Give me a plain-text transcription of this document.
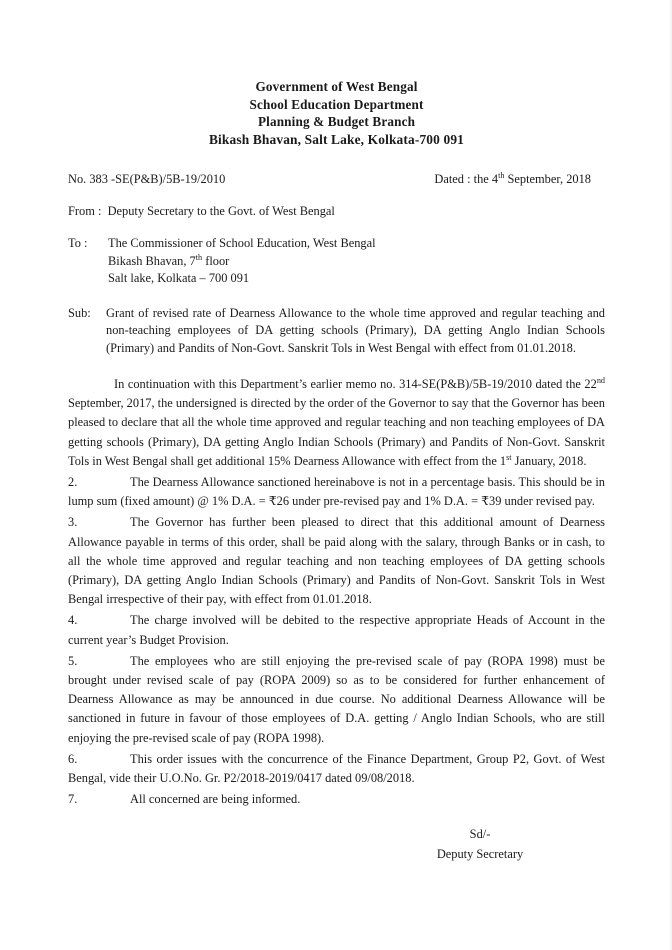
Government of West Bengal
School Education Department
Planning & Budget Branch
Bikash Bhavan, Salt Lake, Kolkata-700 091
No. 383 -SE(P&B)/5B-19/2010	Dated : the 4th September, 2018
From : Deputy Secretary to the Govt. of West Bengal
To :	The Commissioner of School Education, West Bengal
Bikash Bhavan, 7th floor
Salt lake, Kolkata – 700 091
Sub:	Grant of revised rate of Dearness Allowance to the whole time approved and regular teaching and non-teaching employees of DA getting schools (Primary), DA getting Anglo Indian Schools (Primary) and Pandits of Non-Govt. Sanskrit Tols in West Bengal with effect from 01.01.2018.
In continuation with this Department’s earlier memo no. 314-SE(P&B)/5B-19/2010 dated the 22nd September, 2017, the undersigned is directed by the order of the Governor to say that the Governor has been pleased to declare that all the whole time approved and regular teaching and non teaching employees of DA getting schools (Primary), DA getting Anglo Indian Schools (Primary) and Pandits of Non-Govt. Sanskrit Tols in West Bengal shall get additional 15% Dearness Allowance with effect from the 1st January, 2018.
2.	The Dearness Allowance sanctioned hereinabove is not in a percentage basis. This should be in lump sum (fixed amount) @ 1% D.A. = ₹26 under pre-revised pay and 1% D.A. = ₹39 under revised pay.
3.	The Governor has further been pleased to direct that this additional amount of Dearness Allowance payable in terms of this order, shall be paid along with the salary, through Banks or in cash, to all the whole time approved and regular teaching and non teaching employees of DA getting schools (Primary), DA getting Anglo Indian Schools (Primary) and Pandits of Non-Govt. Sanskrit Tols in West Bengal irrespective of their pay, with effect from 01.01.2018.
4.	The charge involved will be debited to the respective appropriate Heads of Account in the current year’s Budget Provision.
5.	The employees who are still enjoying the pre-revised scale of pay (ROPA 1998) must be brought under revised scale of pay (ROPA 2009) so as to be considered for further enhancement of Dearness Allowance as may be announced in due course. No additional Dearness Allowance will be sanctioned in future in favour of those employees of D.A. getting / Anglo Indian Schools, who are still enjoying the pre-revised scale of pay (ROPA 1998).
6.	This order issues with the concurrence of the Finance Department, Group P2, Govt. of West Bengal, vide their U.O.No. Gr. P2/2018-2019/0417 dated 09/08/2018.
7.	All concerned are being informed.
Sd/-
Deputy Secretary
